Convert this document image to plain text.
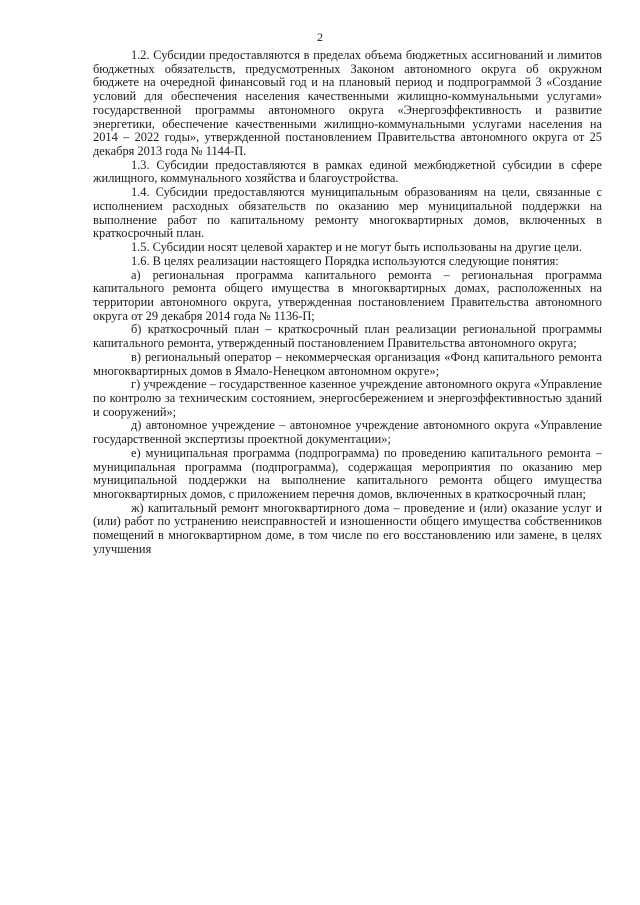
2

1.2. Субсидии предоставляются в пределах объема бюджетных ассигнований и лимитов бюджетных обязательств, предусмотренных Законом автономного округа об окружном бюджете на очередной финансовый год и на плановый период и подпрограммой 3 «Создание условий для обеспечения населения качественными жилищно-коммунальными услугами» государственной программы автономного округа «Энергоэффективность и развитие энергетики, обеспечение качественными жилищно-коммунальными услугами населения на 2014 – 2022 годы», утвержденной постановлением Правительства автономного округа от 25 декабря 2013 года № 1144-П.

1.3. Субсидии предоставляются в рамках единой межбюджетной субсидии в сфере жилищного, коммунального хозяйства и благоустройства.

1.4. Субсидии предоставляются муниципальным образованиям на цели, связанные с исполнением расходных обязательств по оказанию мер муниципальной поддержки на выполнение работ по капитальному ремонту многоквартирных домов, включенных в краткосрочный план.

1.5. Субсидии носят целевой характер и не могут быть использованы на другие цели.

1.6. В целях реализации настоящего Порядка используются следующие понятия:

а) региональная программа капитального ремонта – региональная программа капитального ремонта общего имущества в многоквартирных домах, расположенных на территории автономного округа, утвержденная постановлением Правительства автономного округа от 29 декабря 2014 года № 1136-П;

б) краткосрочный план – краткосрочный план реализации региональной программы капитального ремонта, утвержденный постановлением Правительства автономного округа;

в) региональный оператор – некоммерческая организация «Фонд капитального ремонта многоквартирных домов в Ямало-Ненецком автономном округе»;

г) учреждение – государственное казенное учреждение автономного округа «Управление по контролю за техническим состоянием, энергосбережением и энергоэффективностью зданий и сооружений»;

д) автономное учреждение – автономное учреждение автономного округа «Управление государственной экспертизы проектной документации»;

е) муниципальная программа (подпрограмма) по проведению капитального ремонта – муниципальная программа (подпрограмма), содержащая мероприятия по оказанию мер муниципальной поддержки на выполнение капитального ремонта общего имущества многоквартирных домов, с приложением перечня домов, включенных в краткосрочный план;

ж) капитальный ремонт многоквартирного дома – проведение и (или) оказание услуг и (или) работ по устранению неисправностей и изношенности общего имущества собственников помещений в многоквартирном доме, в том числе по его восстановлению или замене, в целях улучшения
